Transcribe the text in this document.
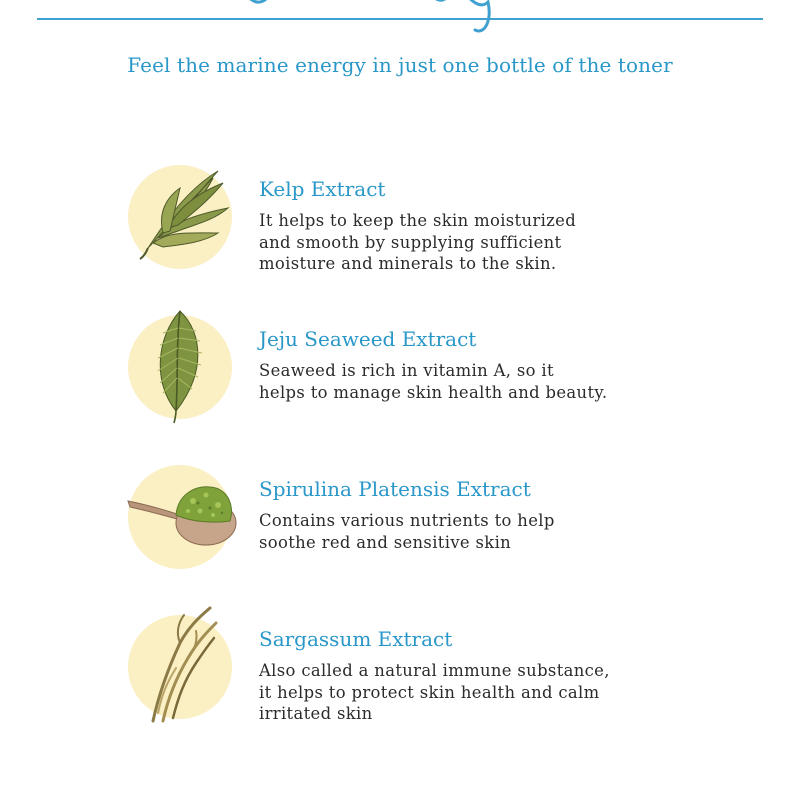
Feel the marine energy in just one bottle of the toner
Kelp Extract
It helps to keep the skin moisturized
and smooth by supplying sufficient
moisture and minerals to the skin.
Jeju Seaweed Extract
Seaweed is rich in vitamin A, so it
helps to manage skin health and beauty.
Spirulina Platensis Extract
Contains various nutrients to help
soothe red and sensitive skin
Sargassum Extract
Also called a natural immune substance,
it helps to protect skin health and calm
irritated skin
